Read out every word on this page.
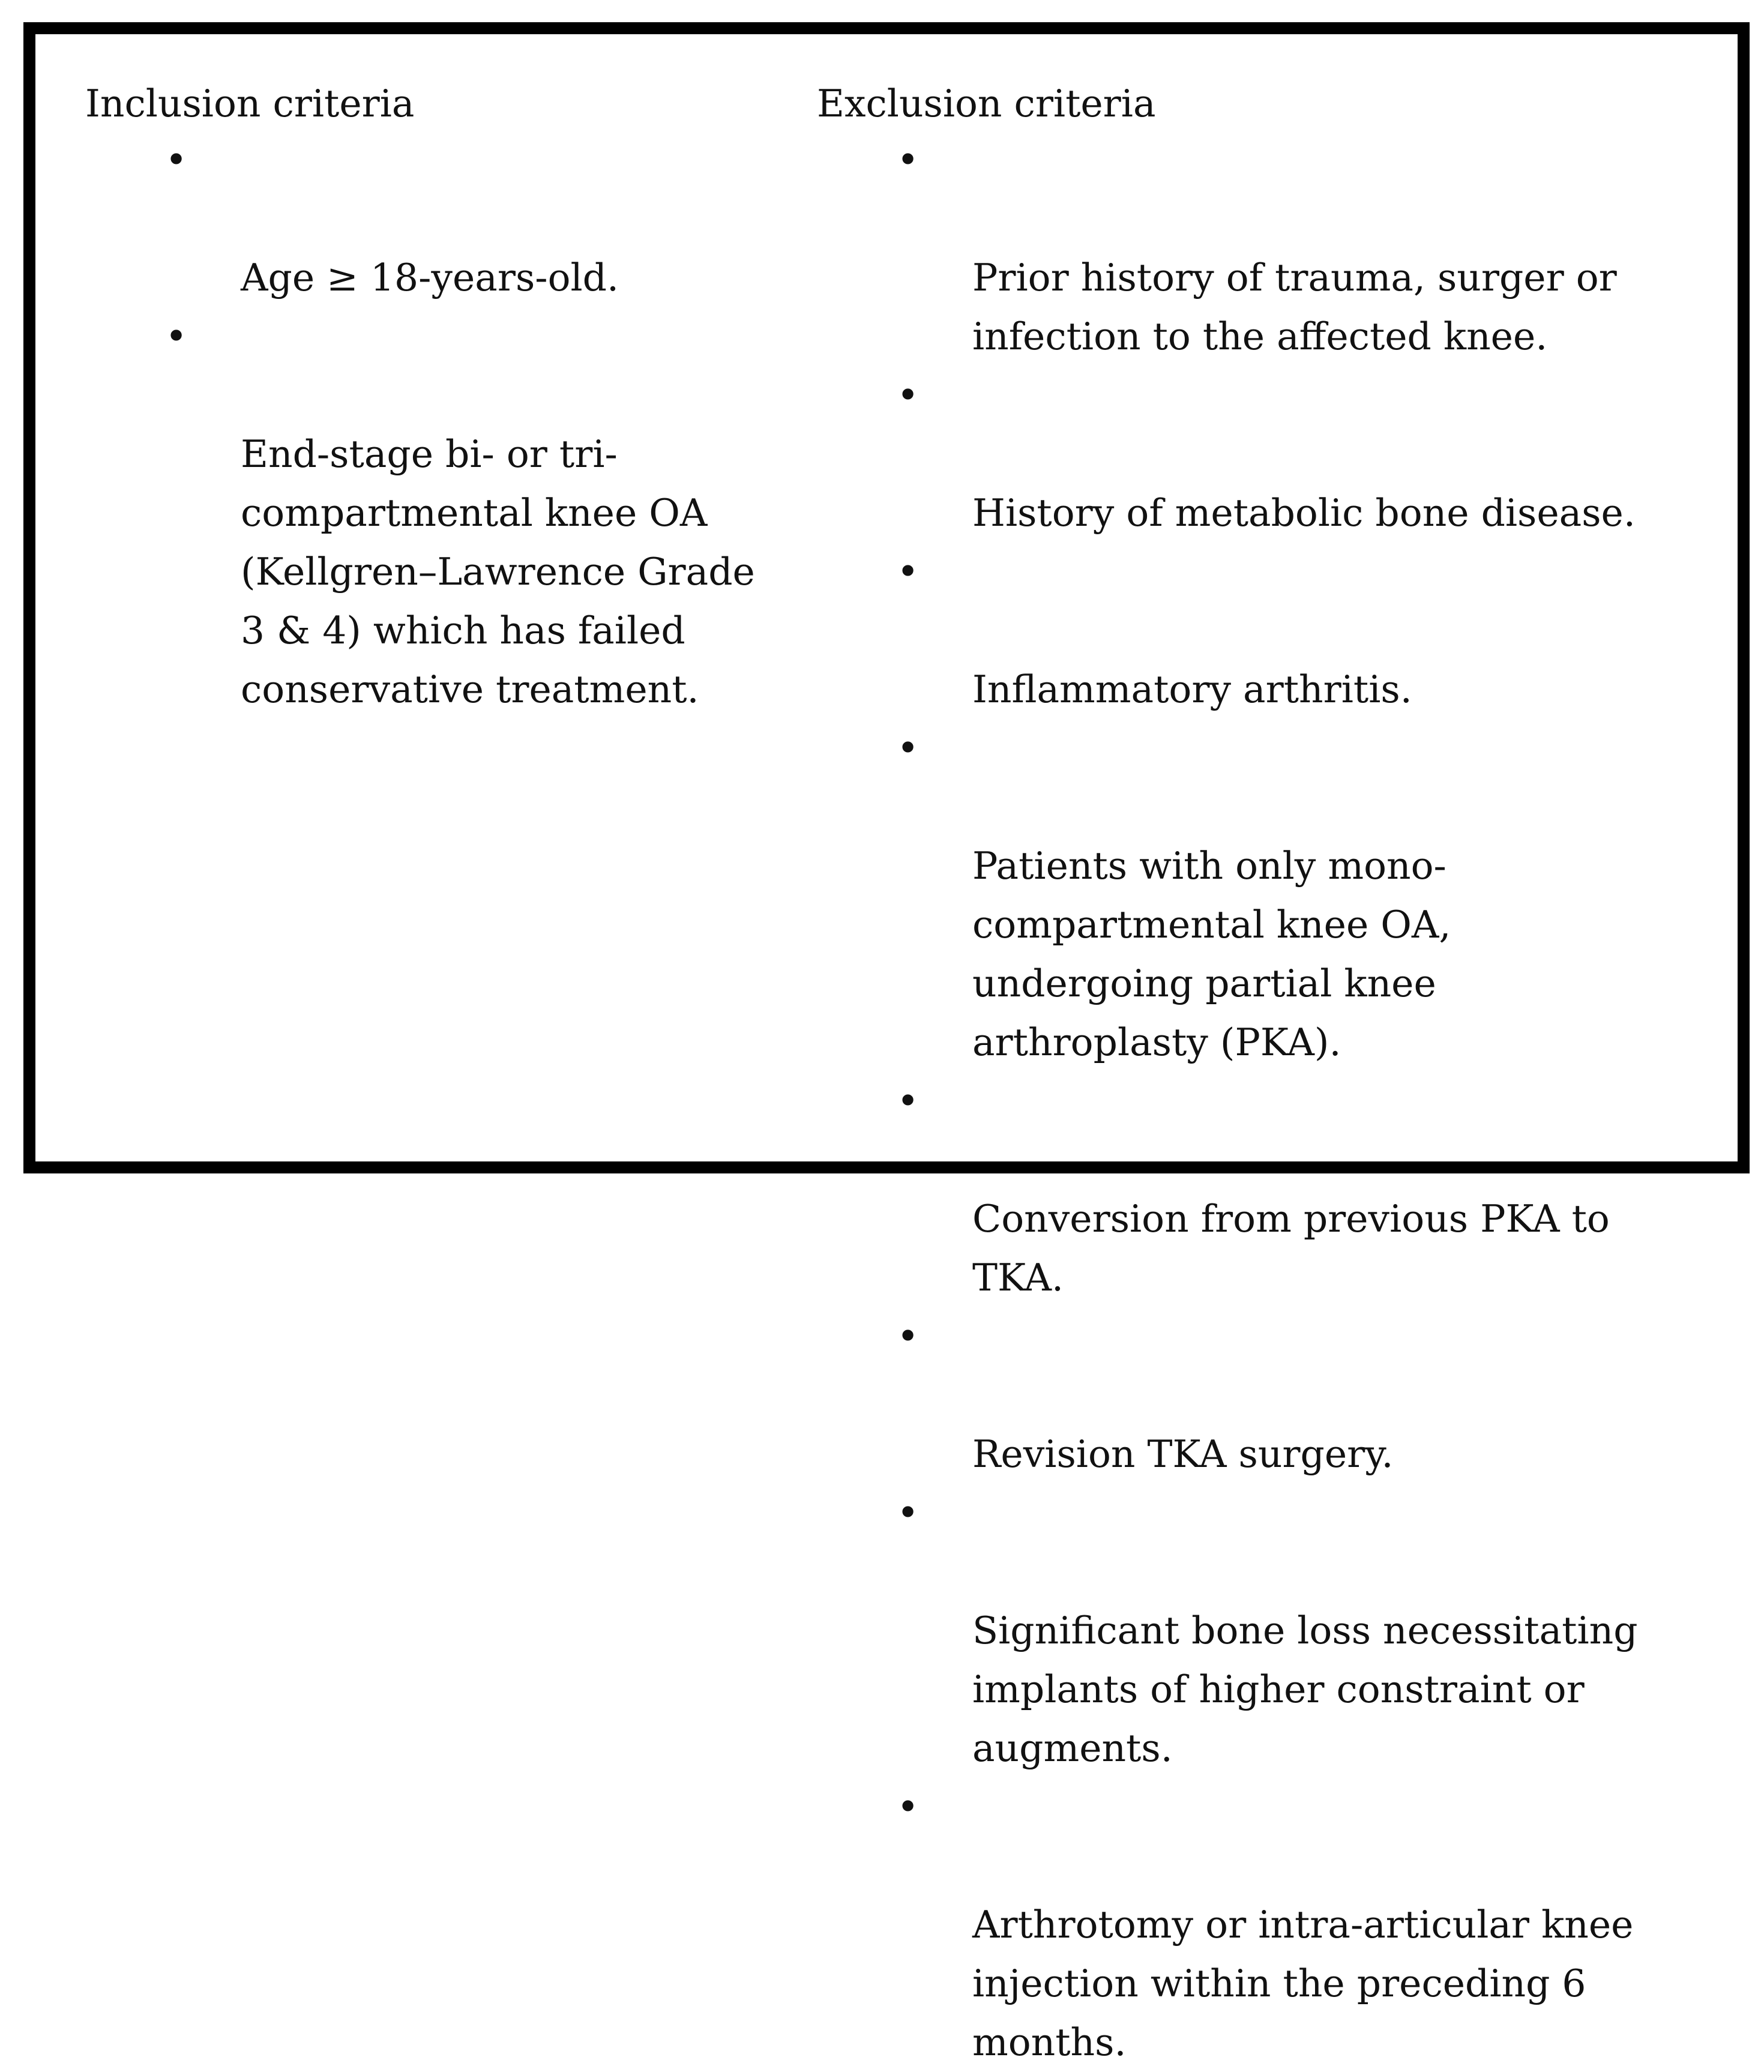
Inclusion criteria

•

Age ≥ 18-years-old.

•

End-stage bi- or tri-
compartmental knee OA
(Kellgren–Lawrence Grade
3 & 4) which has failed
conservative treatment.

Exclusion criteria

•

Prior history of trauma, surger or
infection to the affected knee.

•

History of metabolic bone disease.

•

Inflammatory arthritis.

•

Patients with only mono-
compartmental knee OA,
undergoing partial knee
arthroplasty (PKA).

•

Conversion from previous PKA to
TKA.

•

Revision TKA surgery.

•

Significant bone loss necessitating
implants of higher constraint or
augments.

•

Arthrotomy or intra-articular knee
injection within the preceding 6
months.
